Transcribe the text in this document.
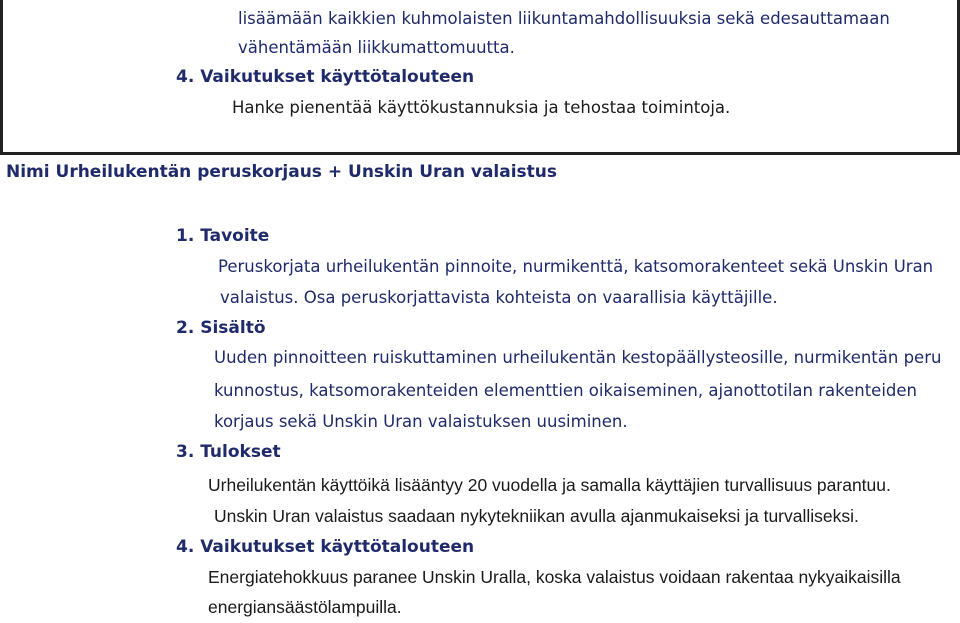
lisäämään kaikkien kuhmolaisten liikuntamahdollisuuksia sekä edesauttamaan
vähentämään liikkumattomuutta.
4. Vaikutukset käyttötalouteen
Hanke pienentää käyttökustannuksia ja tehostaa toimintoja.
Nimi Urheilukentän peruskorjaus + Unskin Uran valaistus
1. Tavoite
Peruskorjata urheilukentän pinnoite, nurmikenttä, katsomorakenteet sekä Unskin Uran
valaistus. Osa peruskorjattavista kohteista on vaarallisia käyttäjille.
2. Sisältö
Uuden pinnoitteen ruiskuttaminen urheilukentän kestopäällysteosille, nurmikentän peru
kunnostus, katsomorakenteiden elementtien oikaiseminen, ajanottotilan rakenteiden
korjaus sekä Unskin Uran valaistuksen uusiminen.
3. Tulokset
Urheilukentän käyttöikä lisääntyy 20 vuodella ja samalla käyttäjien turvallisuus parantuu.
Unskin Uran valaistus saadaan nykytekniikan avulla ajanmukaiseksi ja turvalliseksi.
4. Vaikutukset käyttötalouteen
Energiatehokkuus paranee Unskin Uralla, koska valaistus voidaan rakentaa nykyaikaisilla
energiansäästölampuilla.
